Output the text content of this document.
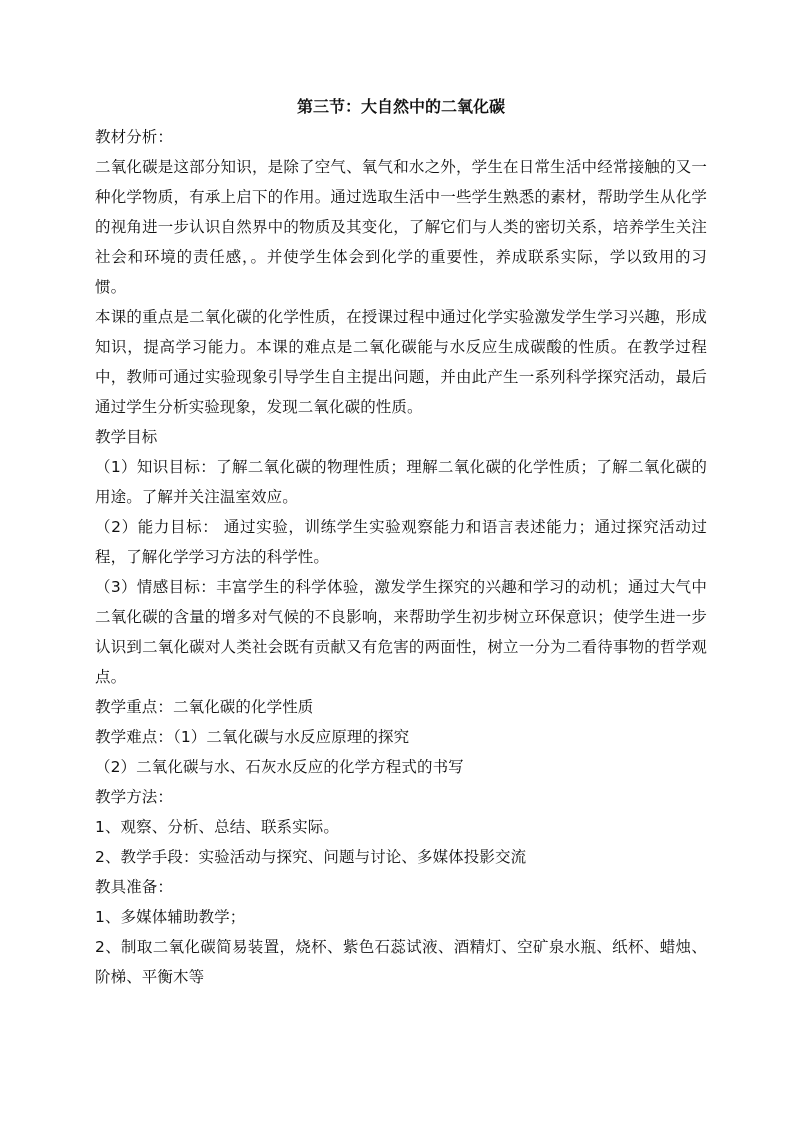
第三节：大自然中的二氧化碳

教材分析：

二氧化碳是这部分知识，是除了空气、氧气和水之外，学生在日常生活中经常接触的又一种化学物质，有承上启下的作用。通过选取生活中一些学生熟悉的素材，帮助学生从化学的视角进一步认识自然界中的物质及其变化，了解它们与人类的密切关系，培养学生关注社会和环境的责任感，。并使学生体会到化学的重要性，养成联系实际，学以致用的习惯。

本课的重点是二氧化碳的化学性质，在授课过程中通过化学实验激发学生学习兴趣，形成知识，提高学习能力。本课的难点是二氧化碳能与水反应生成碳酸的性质。在教学过程中，教师可通过实验现象引导学生自主提出问题，并由此产生一系列科学探究活动，最后通过学生分析实验现象，发现二氧化碳的性质。

教学目标

（1）知识目标：了解二氧化碳的物理性质；理解二氧化碳的化学性质；了解二氧化碳的用途。了解并关注温室效应。

（2）能力目标： 通过实验，训练学生实验观察能力和语言表述能力；通过探究活动过程，了解化学学习方法的科学性。

（3）情感目标：丰富学生的科学体验，激发学生探究的兴趣和学习的动机；通过大气中二氧化碳的含量的增多对气候的不良影响，来帮助学生初步树立环保意识；使学生进一步认识到二氧化碳对人类社会既有贡献又有危害的两面性，树立一分为二看待事物的哲学观点。

教学重点：二氧化碳的化学性质

教学难点：（1）二氧化碳与水反应原理的探究

（2）二氧化碳与水、石灰水反应的化学方程式的书写

教学方法：

1、观察、分析、总结、联系实际。

2、教学手段：实验活动与探究、问题与讨论、多媒体投影交流

教具准备：

1、多媒体辅助教学；

2、制取二氧化碳简易装置，烧杯、紫色石蕊试液、酒精灯、空矿泉水瓶、纸杯、蜡烛、阶梯、平衡木等
